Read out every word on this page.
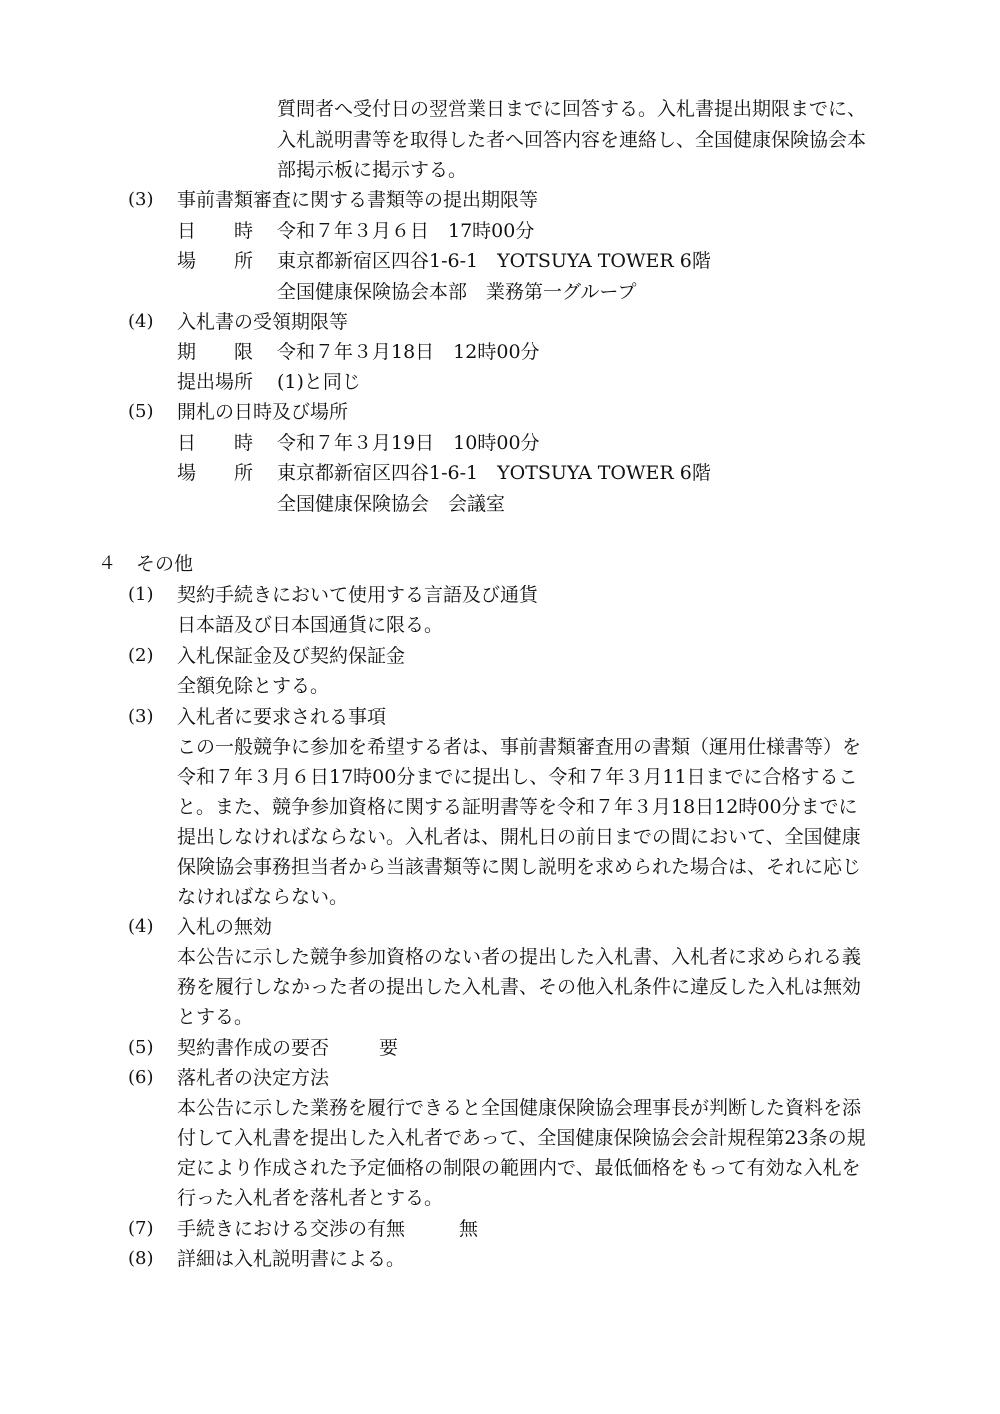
質問者へ受付日の翌営業日までに回答する。入札書提出期限までに、
入札説明書等を取得した者へ回答内容を連絡し、全国健康保険協会本
部掲示板に掲示する。
(3) 事前書類審査に関する書類等の提出期限等
日　　時 令和７年３月６日　17時00分
場　　所 東京都新宿区四谷1-6-1　YOTSUYA TOWER 6階
全国健康保険協会本部　業務第一グループ
(4) 入札書の受領期限等
期　　限 令和７年３月18日　12時00分
提出場所 (1)と同じ
(5) 開札の日時及び場所
日　　時 令和７年３月19日　10時00分
場　　所 東京都新宿区四谷1-6-1　YOTSUYA TOWER 6階
全国健康保険協会　会議室
４ その他
(1) 契約手続きにおいて使用する言語及び通貨
日本語及び日本国通貨に限る。
(2) 入札保証金及び契約保証金
全額免除とする。
(3) 入札者に要求される事項
この一般競争に参加を希望する者は、事前書類審査用の書類（運用仕様書等）を
令和７年３月６日17時00分までに提出し、令和７年３月11日までに合格するこ
と。また、競争参加資格に関する証明書等を令和７年３月18日12時00分までに
提出しなければならない。入札者は、開札日の前日までの間において、全国健康
保険協会事務担当者から当該書類等に関し説明を求められた場合は、それに応じ
なければならない。
(4) 入札の無効
本公告に示した競争参加資格のない者の提出した入札書、入札者に求められる義
務を履行しなかった者の提出した入札書、その他入札条件に違反した入札は無効
とする。
(5) 契約書作成の要否	要
(6) 落札者の決定方法
本公告に示した業務を履行できると全国健康保険協会理事長が判断した資料を添
付して入札書を提出した入札者であって、全国健康保険協会会計規程第23条の規
定により作成された予定価格の制限の範囲内で、最低価格をもって有効な入札を
行った入札者を落札者とする。
(7) 手続きにおける交渉の有無	無
(8) 詳細は入札説明書による。
